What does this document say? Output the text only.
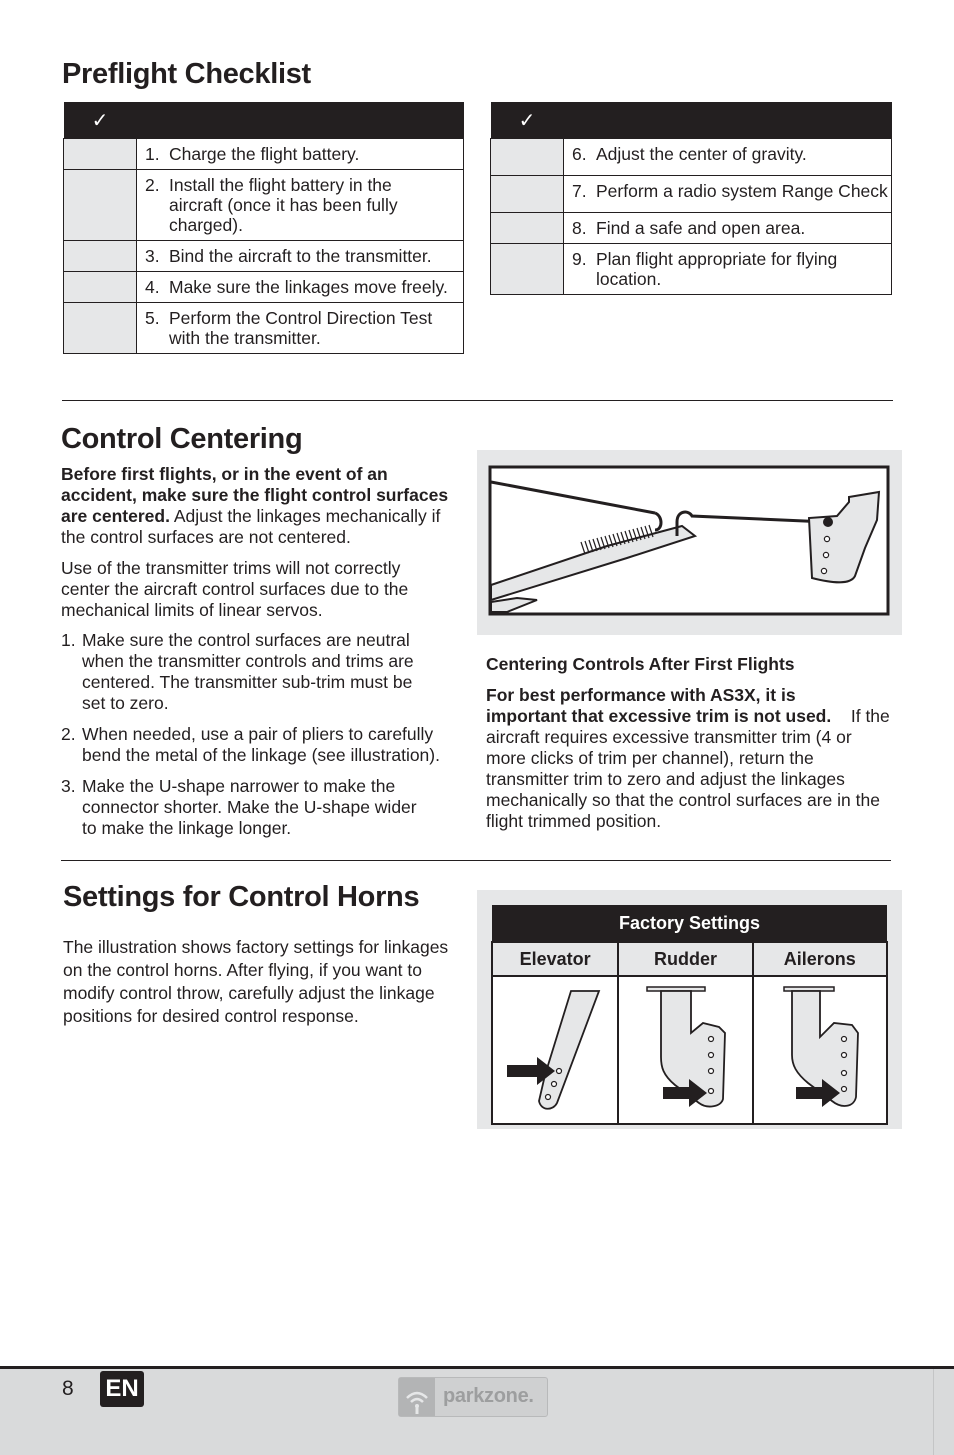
Preflight Checklist
✓	
	1. Charge the flight battery.
	2. Install the flight battery in the aircraft (once it has been fully charged).
	3. Bind the aircraft to the transmitter.
	4. Make sure the linkages move freely.
	5. Perform the Control Direction Test with the transmitter.
✓	
	6. Adjust the center of gravity.
	7. Perform a radio system Range Check
	8. Find a safe and open area.
	9. Plan flight appropriate for flying location.
Control Centering

Before first flights, or in the event of an accident, make sure the flight control surfaces are centered. Adjust the linkages mechanically if the control surfaces are not centered.

Use of the transmitter trims will not correctly center the aircraft control surfaces due to the mechanical limits of linear servos.

1. Make sure the control surfaces are neutral when the transmitter controls and trims are centered. The transmitter sub-trim must be set to zero.
2. When needed, use a pair of pliers to carefully bend the metal of the linkage (see illustration).
3. Make the U-shape narrower to make the connector shorter. Make the U-shape wider to make the linkage longer.

Centering Controls After First Flights

For best performance with AS3X, it is important that excessive trim is not used. If the aircraft requires excessive transmitter trim (4 or more clicks of trim per channel), return the transmitter trim to zero and adjust the linkages mechanically so that the control surfaces are in the flight trimmed position.

Settings for Control Horns

The illustration shows factory settings for linkages on the control horns. After flying, if you want to modify control throw, carefully adjust the linkage positions for desired control response.

Factory Settings		
Elevator	Rudder	Ailerons

8 EN	parkzone.
